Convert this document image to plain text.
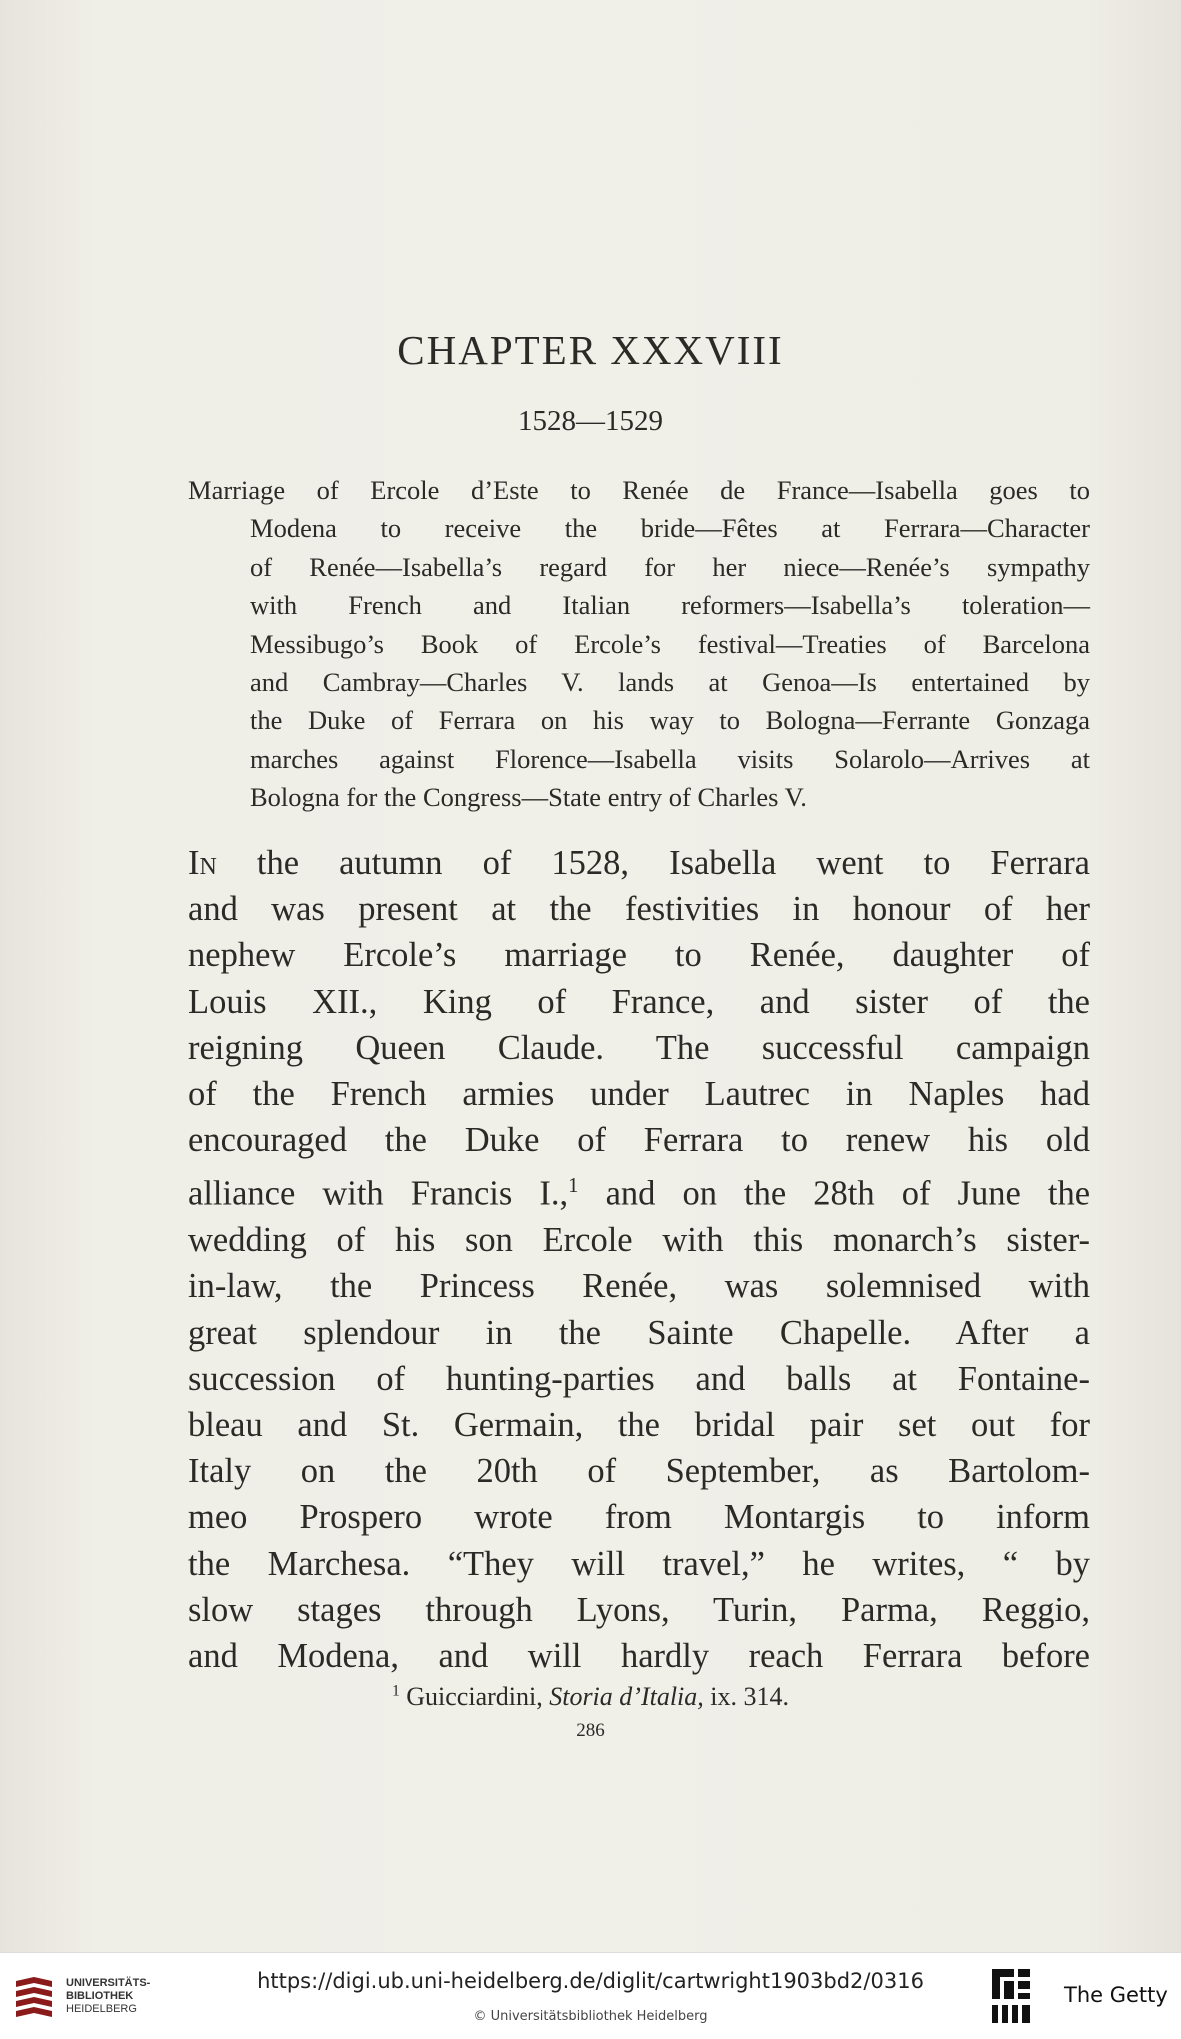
CHAPTER XXXVIII
1528—1529
Marriage of Ercole d’Este to Renée de France—Isabella goes to
Modena to receive the bride—Fêtes at Ferrara—Character
of Renée—Isabella’s regard for her niece—Renée’s sympathy
with French and Italian reformers—Isabella’s toleration—
Messibugo’s Book of Ercole’s festival—Treaties of Barcelona
and Cambray—Charles V. lands at Genoa—Is entertained by
the Duke of Ferrara on his way to Bologna—Ferrante Gonzaga
marches against Florence—Isabella visits Solarolo—Arrives at
Bologna for the Congress—State entry of Charles V.
In the autumn of 1528, Isabella went to Ferrara
and was present at the festivities in honour of her
nephew Ercole’s marriage to Renée, daughter of
Louis XII., King of France, and sister of the
reigning Queen Claude. The successful campaign
of the French armies under Lautrec in Naples had
encouraged the Duke of Ferrara to renew his old
alliance with Francis I.,$^1$ and on the 28th of June the
wedding of his son Ercole with this monarch’s sister-
in-law, the Princess Renée, was solemnised with
great splendour in the Sainte Chapelle. After a
succession of hunting-parties and balls at Fontaine-
bleau and St. Germain, the bridal pair set out for
Italy on the 20th of September, as Bartolom-
meo Prospero wrote from Montargis to inform
the Marchesa. “They will travel,” he writes, “ by
slow stages through Lyons, Turin, Parma, Reggio,
and Modena, and will hardly reach Ferrara before
$^1$ Guicciardini, Storia d’Italia, ix. 314.
286
UNIVERSITÄTS-
BIBLIOTHEK
HEIDELBERG
https://digi.ub.uni-heidelberg.de/diglit/cartwright1903bd2/0316
© Universitätsbibliothek Heidelberg
The Getty
